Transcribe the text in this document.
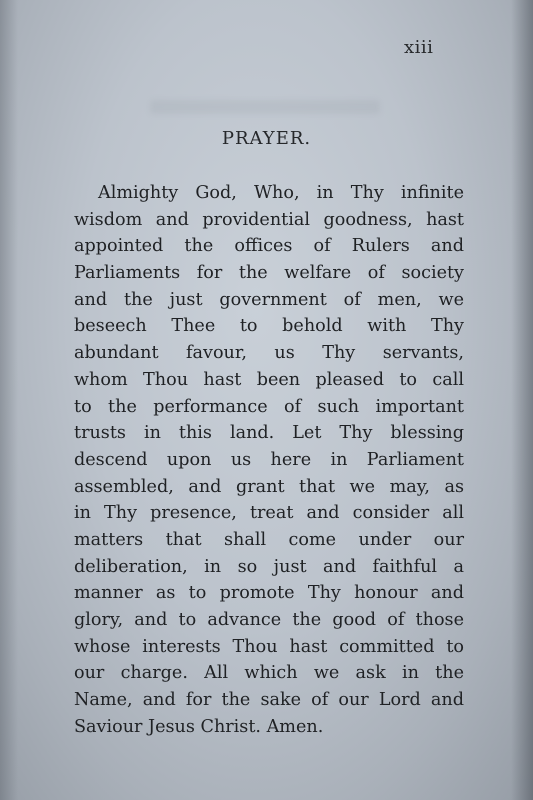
xiii
PRAYER.
Almighty God, Who, in Thy infinite
wisdom and providential goodness, hast
appointed the offices of Rulers and
Parliaments for the welfare of society
and the just government of men, we
beseech Thee to behold with Thy
abundant favour, us Thy servants,
whom Thou hast been pleased to call
to the performance of such important
trusts in this land. Let Thy blessing
descend upon us here in Parliament
assembled, and grant that we may, as
in Thy presence, treat and consider all
matters that shall come under our
deliberation, in so just and faithful a
manner as to promote Thy honour and
glory, and to advance the good of those
whose interests Thou hast committed to
our charge. All which we ask in the
Name, and for the sake of our Lord and
Saviour Jesus Christ. Amen.
